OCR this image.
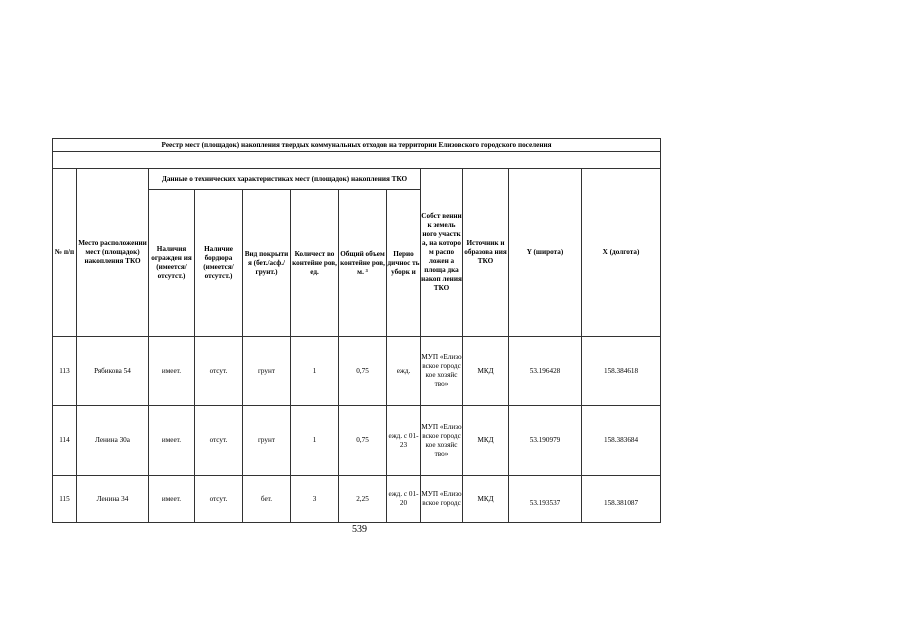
Реестр мест (площадок) накопления твердых коммунальных отходов на территории Елизовского городского поселения											

№ п/п	Место расположении мест (площадок) накопления ТКО	Данные о технических характеристиках мест (площадок) накопления ТКО						Собст венни к земель ного участк а, на которо м распо ложен а площа дка накоп ления ТКО	Источник и образова ния ТКО	Y (широта)	X (долгота)
		Наличия огражден ия (имеется/ отсутст.)	Наличие бордюра (имеется/ отсутст.)	Вид покрыти я (бет./асф./ грунт.)	Количест во контейне ров, ед.	Общий объем контейне ров, м. ³	Перио дичнос ть уборк и				
113	Рябикова 54	имеет.	отсут.	грунт	1	0,75	ежд.	МУП «Елизо вское городс кое хозяйс тво»	МКД	53.196428	158.384618
114	Ленина 30а	имеет.	отсут.	грунт	1	0,75	ежд. с 01-23	МУП «Елизо вское городс кое хозяйс тво»	МКД	53.190979	158.383684
115	Ленина 34	имеет.	отсут.	бет.	3	2,25	ежд. с 01-20	МУП «Елизо вское городс	МКД	53.193537	158.381087
539
